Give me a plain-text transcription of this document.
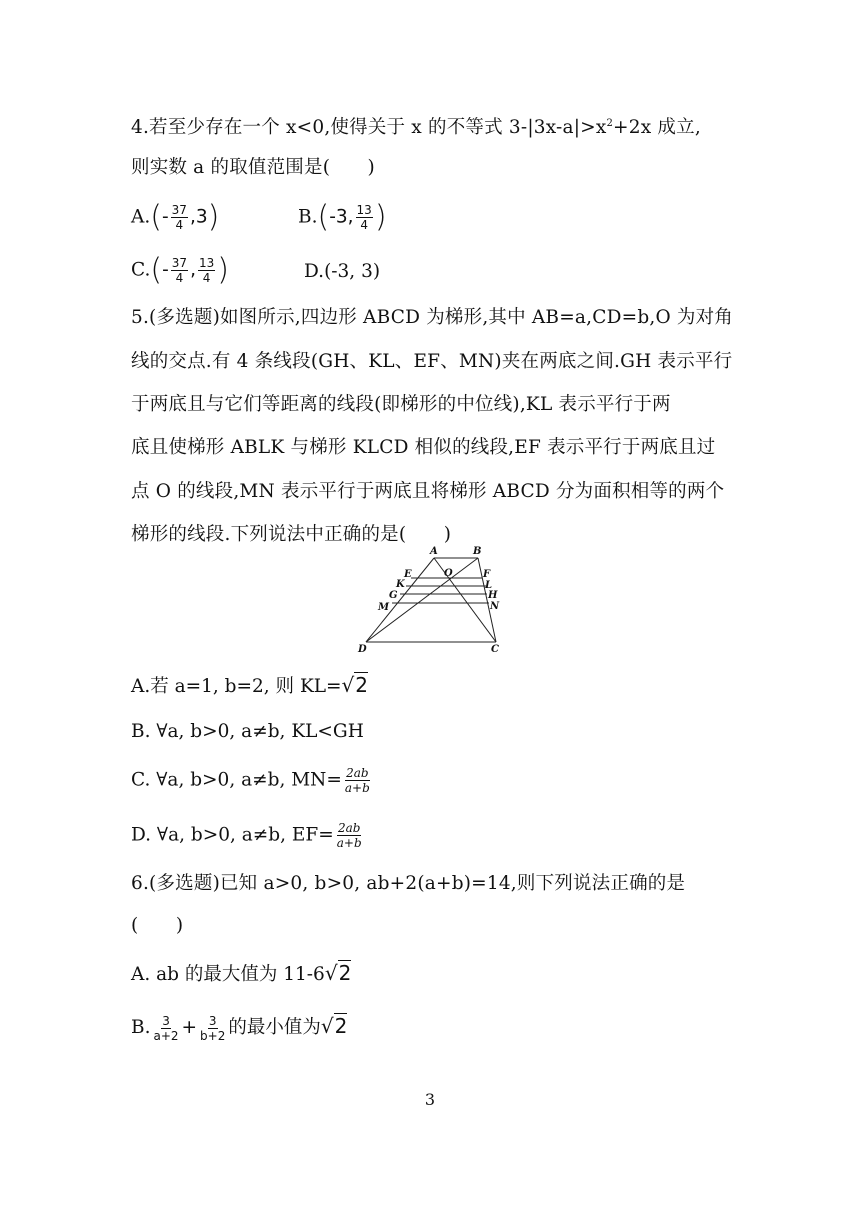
4.若至少存在一个 x<0,使得关于 x 的不等式 $3-|3x-a|>x^2+2x$ 成立,
则实数 a 的取值范围是(　　)
$A.(- \frac{37}{4} ,3)$	B.(-3, $\frac{13}{4}$ )
$C.(- \frac{37}{4}$ , $\frac{13}{4}$ )	D.(-3, 3)
5.(多选题)如图所示,四边形 ABCD 为梯形,其中 AB=a,CD=b,O 为对角
线的交点.有 4 条线段(GH、KL、EF、MN)夹在两底之间.GH 表示平行
于两底且与它们等距离的线段(即梯形的中位线),KL 表示平行于两
底且使梯形 ABLK 与梯形 KLCD 相似的线段,EF 表示平行于两底且过
点 O 的线段,MN 表示平行于两底且将梯形 ABCD 分为面积相等的两个
梯形的线段.下列说法中正确的是(　　)
A	B
O
E	F
K	L
G	H
M	N
D	C
A.若 a=1, b=2, 则 KL=√2
B. ∀a, b>0, a≠b, KL<GH
C. ∀a, b>0, a≠b, $MN= \frac{2ab}{a+b}$
D. ∀a, b>0, a≠b, $EF= \frac{2ab}{a+b}$
6.(多选题)已知 a>0, b>0, ab+2(a+b)=14,则下列说法正确的是
(　　)
A. ab 的最大值为 11-6√2
B. $\frac{3}{a+2} + \frac{3}{b+2}$ 的最小值为√2
3
